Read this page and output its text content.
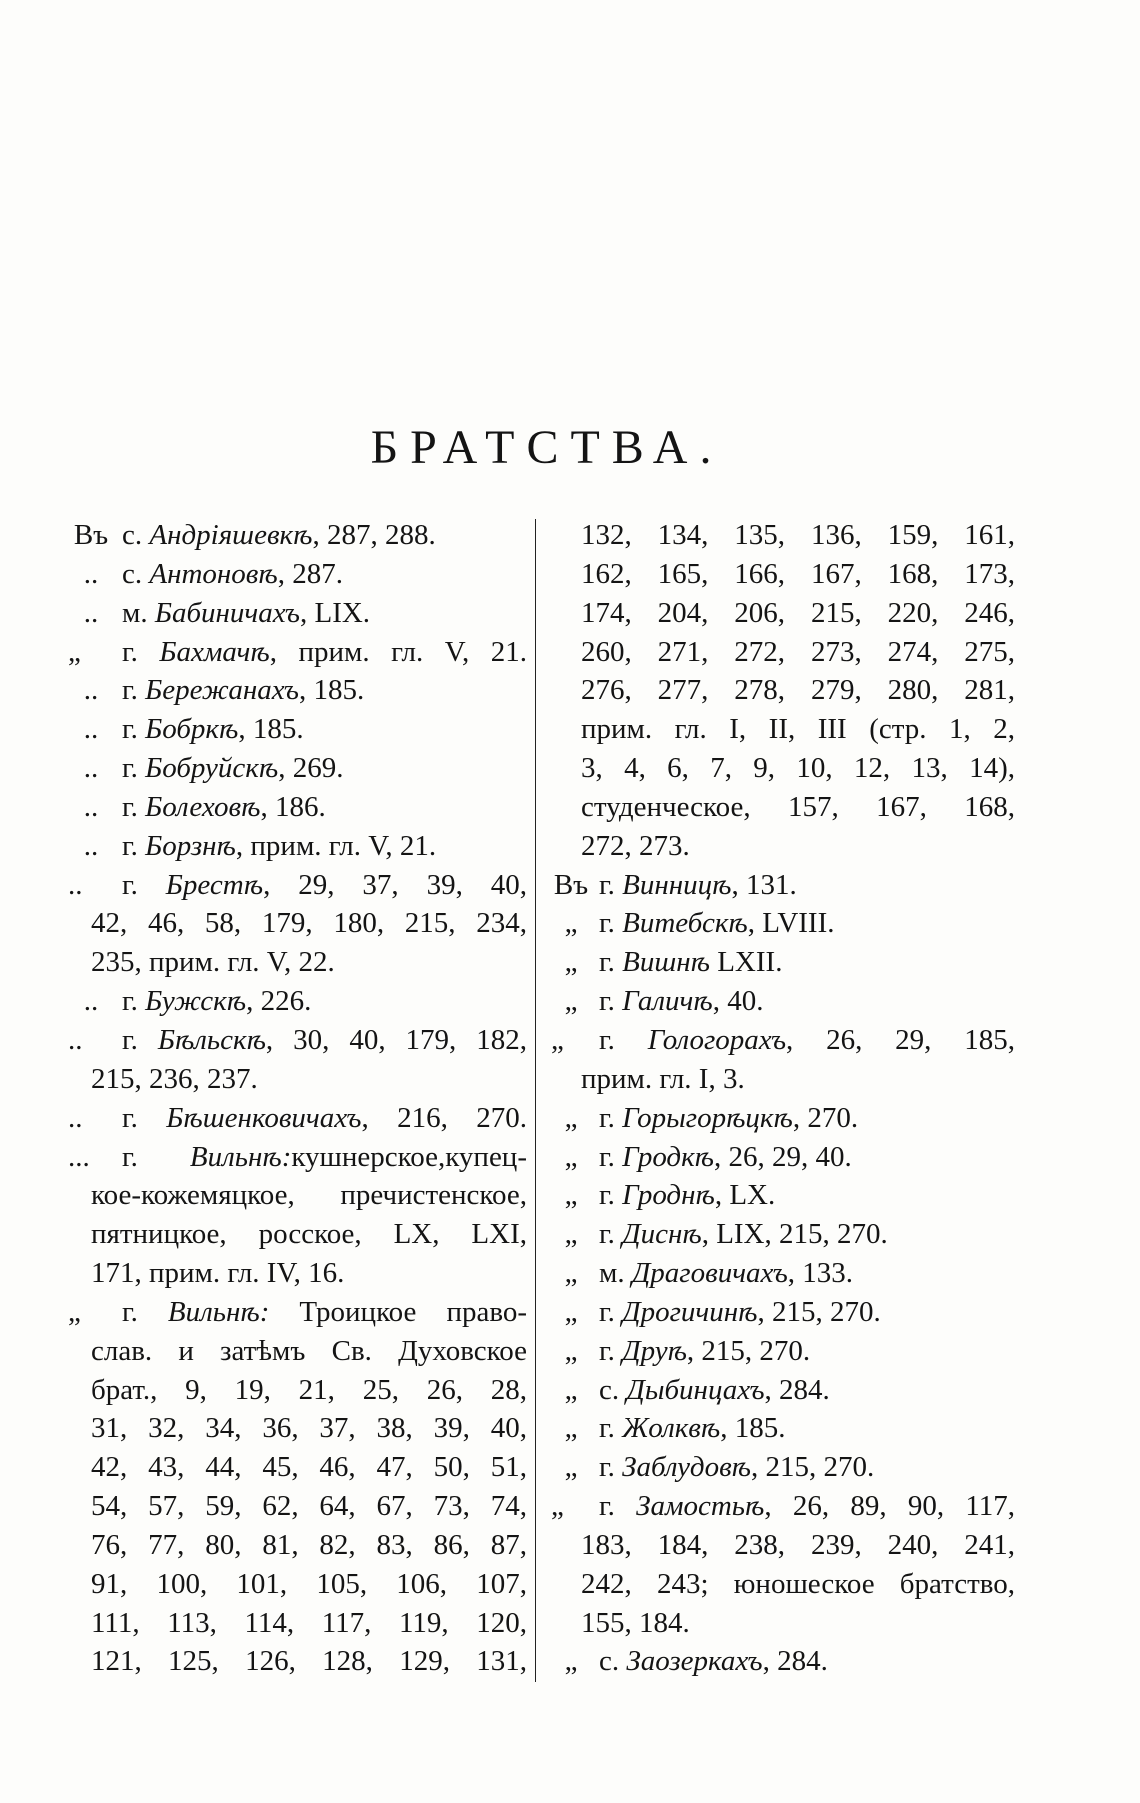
БРАТСТВА.
Въ с. Андріяшевкѣ, 287, 288.
.. с. Антоновѣ, 287.
.. м. Бабиничахъ, LIX.
„ г. Бахмачѣ, прим. гл. V, 21.
.. г. Бережанахъ, 185.
.. г. Бобркѣ, 185.
.. г. Бобруйскѣ, 269.
.. г. Болеховѣ, 186.
.. г. Борзнѣ, прим. гл. V, 21.
.. г. Брестѣ, 29, 37, 39, 40,
42, 46, 58, 179, 180, 215, 234,
235, прим. гл. V, 22.
.. г. Бужскѣ, 226.
.. г. Бѣльскѣ, 30, 40, 179, 182,
215, 236, 237.
.. г. Бѣшенковичахъ, 216, 270.
... г. Вильнѣ:кушнерское,купец-
кое-кожемяцкое, пречистенское,
пятницкое, росское, LX, LXI,
171, прим. гл. IV, 16.
„ г. Вильнѣ: Троицкое право-
слав. и затѣмъ Св. Духовское
брат., 9, 19, 21, 25, 26, 28,
31, 32, 34, 36, 37, 38, 39, 40,
42, 43, 44, 45, 46, 47, 50, 51,
54, 57, 59, 62, 64, 67, 73, 74,
76, 77, 80, 81, 82, 83, 86, 87,
91, 100, 101, 105, 106, 107,
111, 113, 114, 117, 119, 120,
121, 125, 126, 128, 129, 131,
132, 134, 135, 136, 159, 161,
162, 165, 166, 167, 168, 173,
174, 204, 206, 215, 220, 246,
260, 271, 272, 273, 274, 275,
276, 277, 278, 279, 280, 281,
прим. гл. I, II, III (стр. 1, 2,
3, 4, 6, 7, 9, 10, 12, 13, 14),
студенческое, 157, 167, 168,
272, 273.
Въ г. Винницѣ, 131.
„ г. Витебскѣ, LVIII.
„ г. Вишнѣ LXII.
„ г. Галичѣ, 40.
„ г. Гологорахъ, 26, 29, 185,
прим. гл. I, 3.
„ г. Горыгорѣцкѣ, 270.
„ г. Гродкѣ, 26, 29, 40.
„ г. Гроднѣ, LX.
„ г. Диснѣ, LIX, 215, 270.
„ м. Драговичахъ, 133.
„ г. Дрогичинѣ, 215, 270.
„ г. Друѣ, 215, 270.
„ с. Дыбинцахъ, 284.
„ г. Жолквѣ, 185.
„ г. Заблудовѣ, 215, 270.
„ г. Замостьѣ, 26, 89, 90, 117,
183, 184, 238, 239, 240, 241,
242, 243; юношеское братство,
155, 184.
„ с. Заозеркахъ, 284.
